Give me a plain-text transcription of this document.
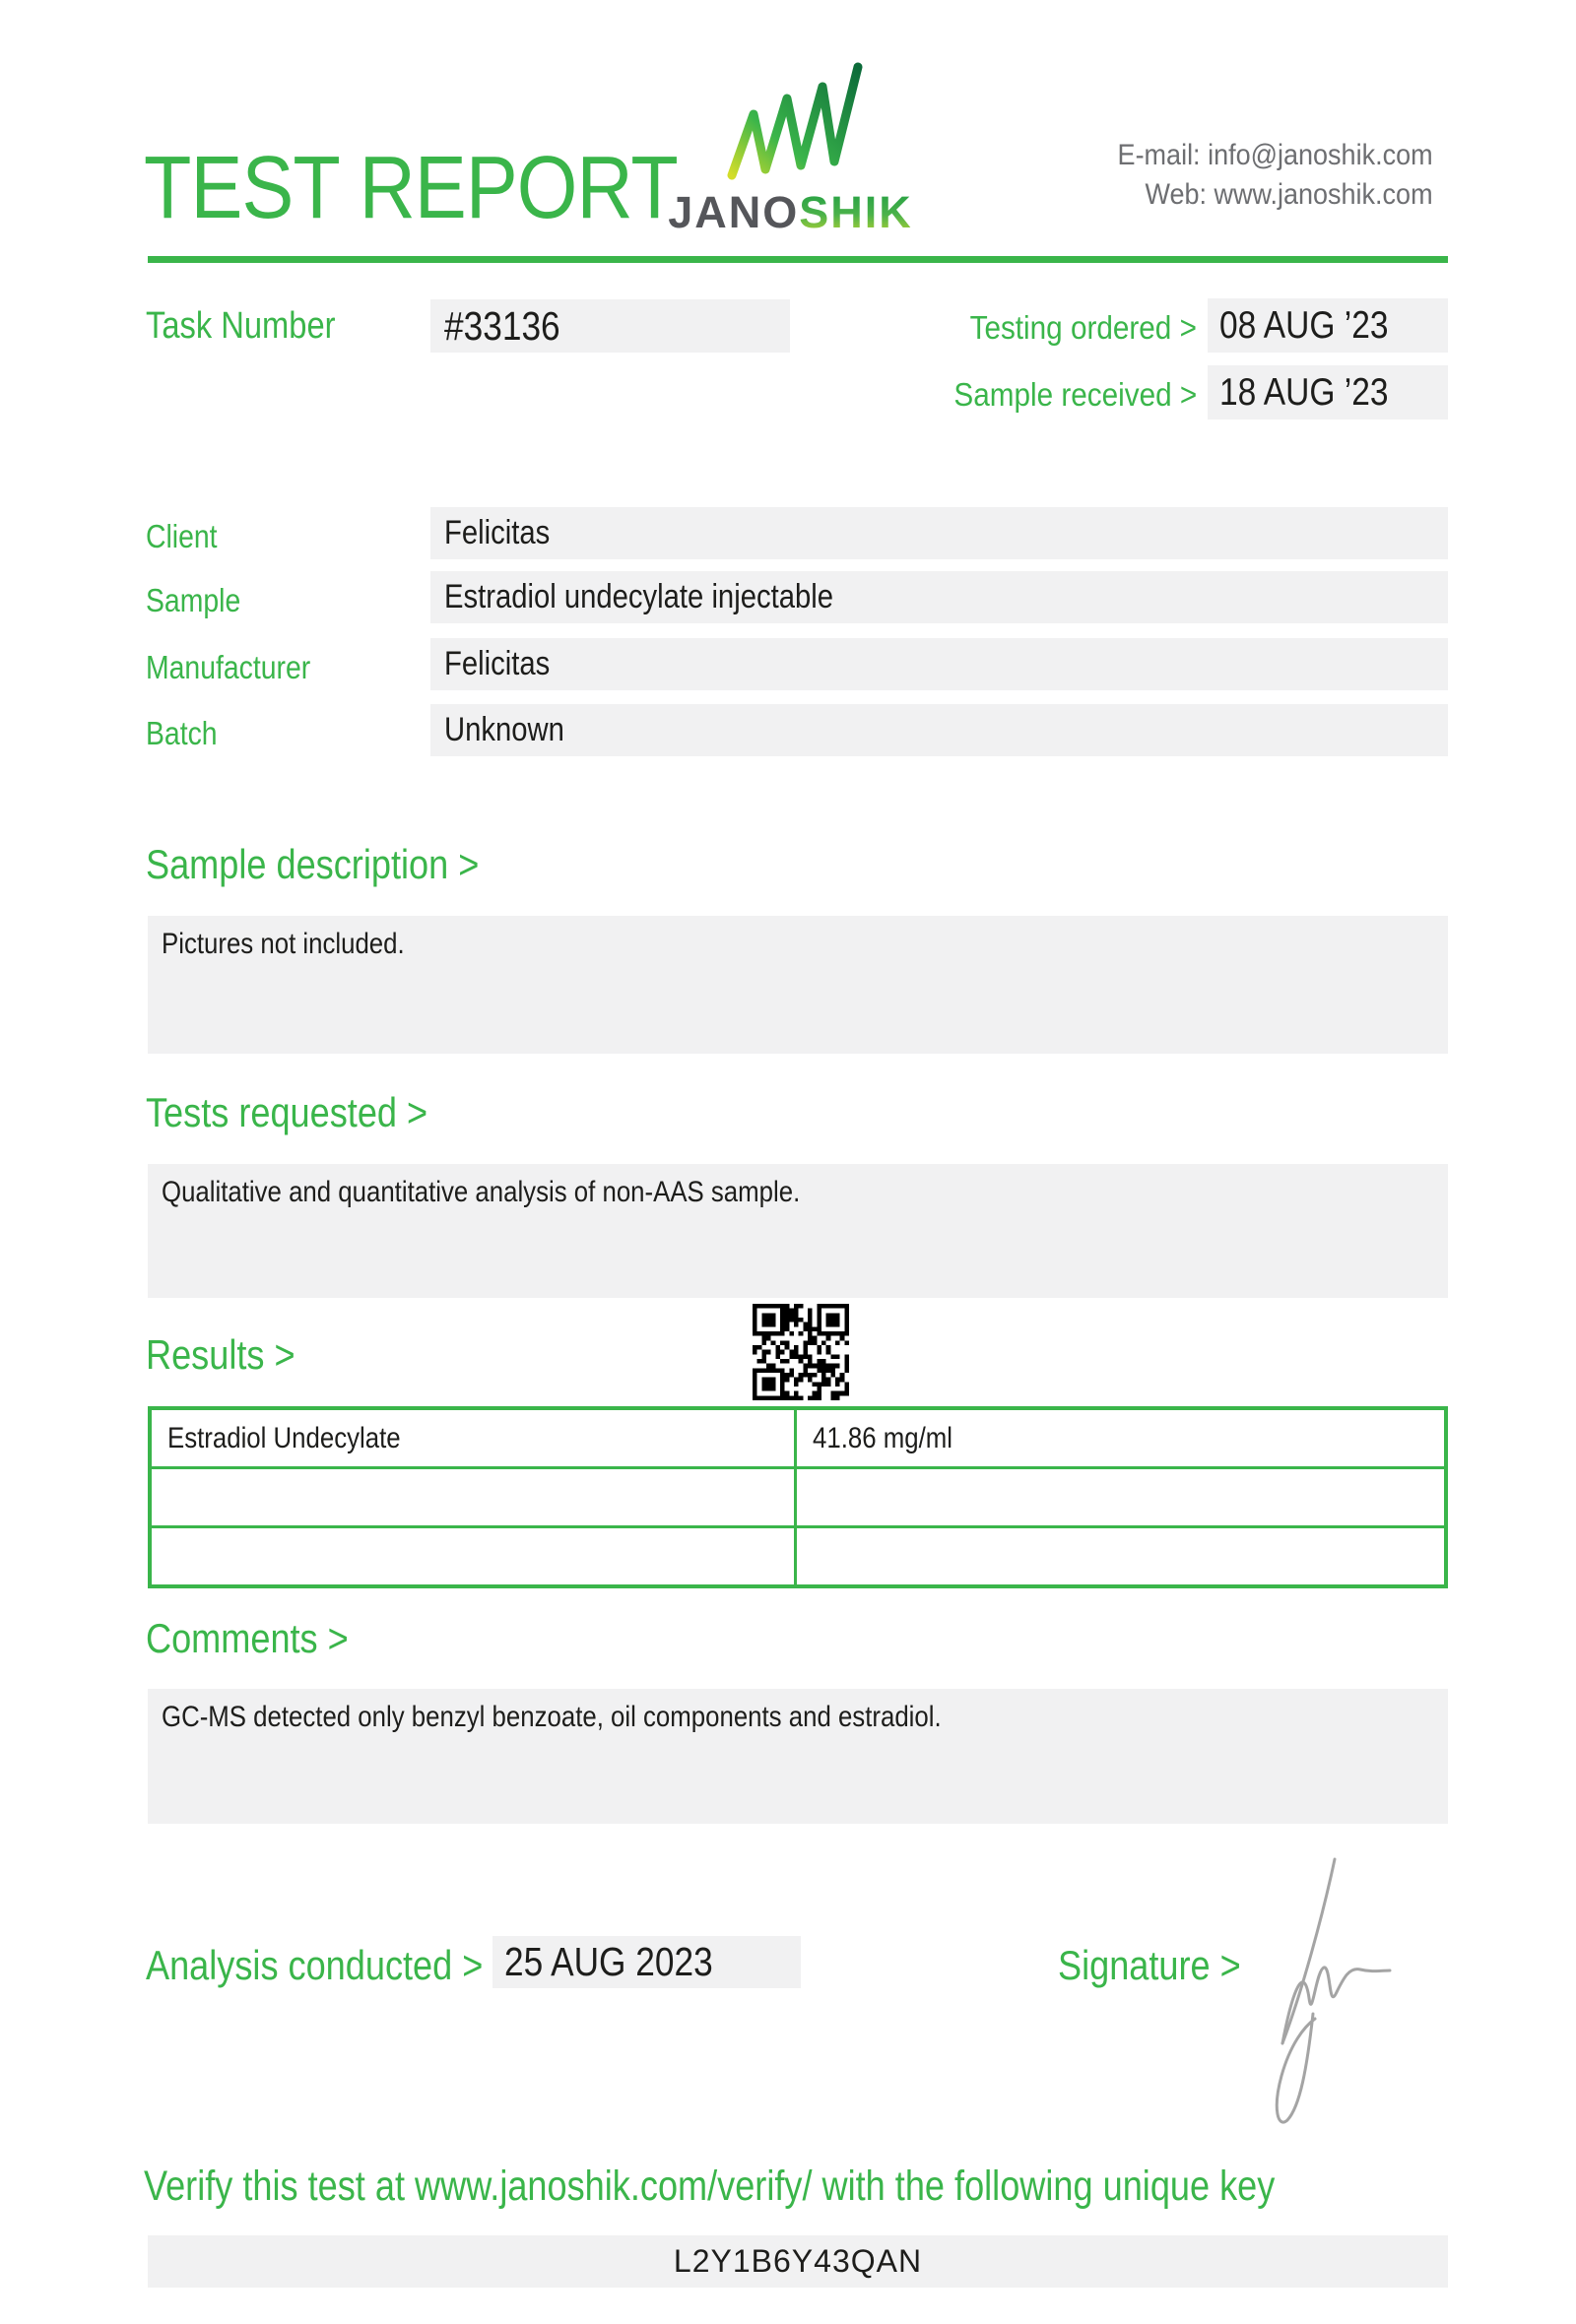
TEST REPORT
JANOSHIK
E-mail: info@janoshik.com
Web: www.janoshik.com
Task Number	#33136	Testing ordered > 08 AUG ’23
Sample received > 18 AUG ’23
Client	Felicitas
Sample	Estradiol undecylate injectable
Manufacturer	Felicitas
Batch	Unknown
Sample description >
Pictures not included.
Tests requested >
Qualitative and quantitative analysis of non-AAS sample.
Results >
Estradiol Undecylate	41.86 mg/ml

Comments >
GC-MS detected only benzyl benzoate, oil components and estradiol.
Analysis conducted > 25 AUG 2023	Signature >
Verify this test at www.janoshik.com/verify/ with the following unique key
L2Y1B6Y43QAN
